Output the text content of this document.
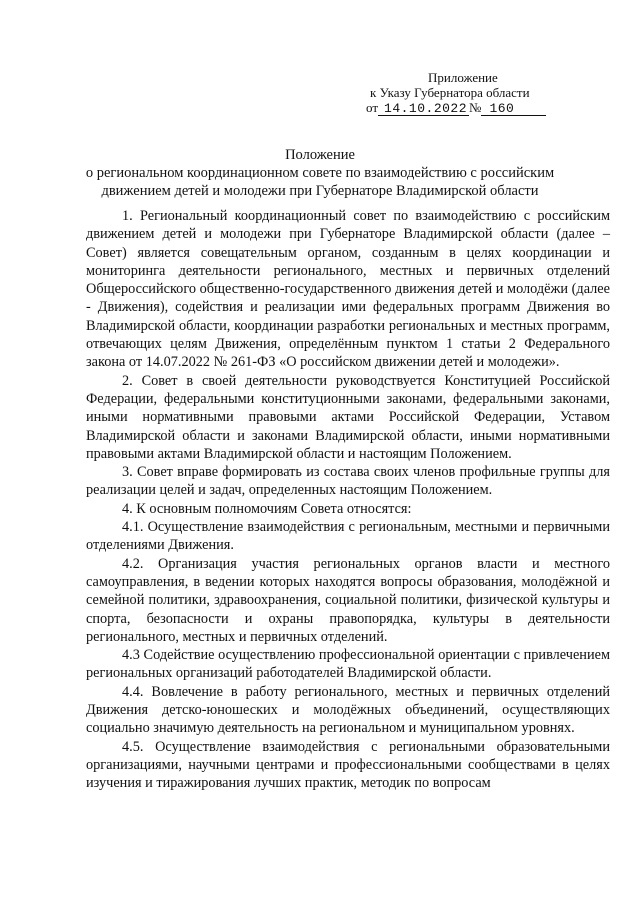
Приложение
к Указу Губернатора области
от 14.10.2022 № 160
Положение
о региональном координационном совете по взаимодействию с российским движением детей и молодежи при Губернаторе Владимирской области

1. Региональный координационный совет по взаимодействию с российским движением детей и молодежи при Губернаторе Владимирской области (далее – Совет) является совещательным органом, созданным в целях координации и мониторинга деятельности регионального, местных и первичных отделений Общероссийского общественно-государственного движения детей и молодёжи (далее - Движения), содействия и реализации ими федеральных программ Движения во Владимирской области, координации разработки региональных и местных программ, отвечающих целям Движения, определённым пунктом 1 статьи 2 Федерального закона от 14.07.2022 № 261-ФЗ «О российском движении детей и молодежи».

2. Совет в своей деятельности руководствуется Конституцией Российской Федерации, федеральными конституционными законами, федеральными законами, иными нормативными правовыми актами Российской Федерации, Уставом Владимирской области и законами Владимирской области, иными нормативными правовыми актами Владимирской области и настоящим Положением.

3. Совет вправе формировать из состава своих членов профильные группы для реализации целей и задач, определенных настоящим Положением.

4. К основным полномочиям Совета относятся:

4.1. Осуществление взаимодействия с региональным, местными и первичными отделениями Движения.

4.2. Организация участия региональных органов власти и местного самоуправления, в ведении которых находятся вопросы образования, молодёжной и семейной политики, здравоохранения, социальной политики, физической культуры и спорта, безопасности и охраны правопорядка, культуры в деятельности регионального, местных и первичных отделений.

4.3 Содействие осуществлению профессиональной ориентации с привлечением региональных организаций работодателей Владимирской области.

4.4. Вовлечение в работу регионального, местных и первичных отделений Движения детско-юношеских и молодёжных объединений, осуществляющих социально значимую деятельность на региональном и муниципальном уровнях.

4.5. Осуществление взаимодействия с региональными образовательными организациями, научными центрами и профессиональными сообществами в целях изучения и тиражирования лучших практик, методик по вопросам
